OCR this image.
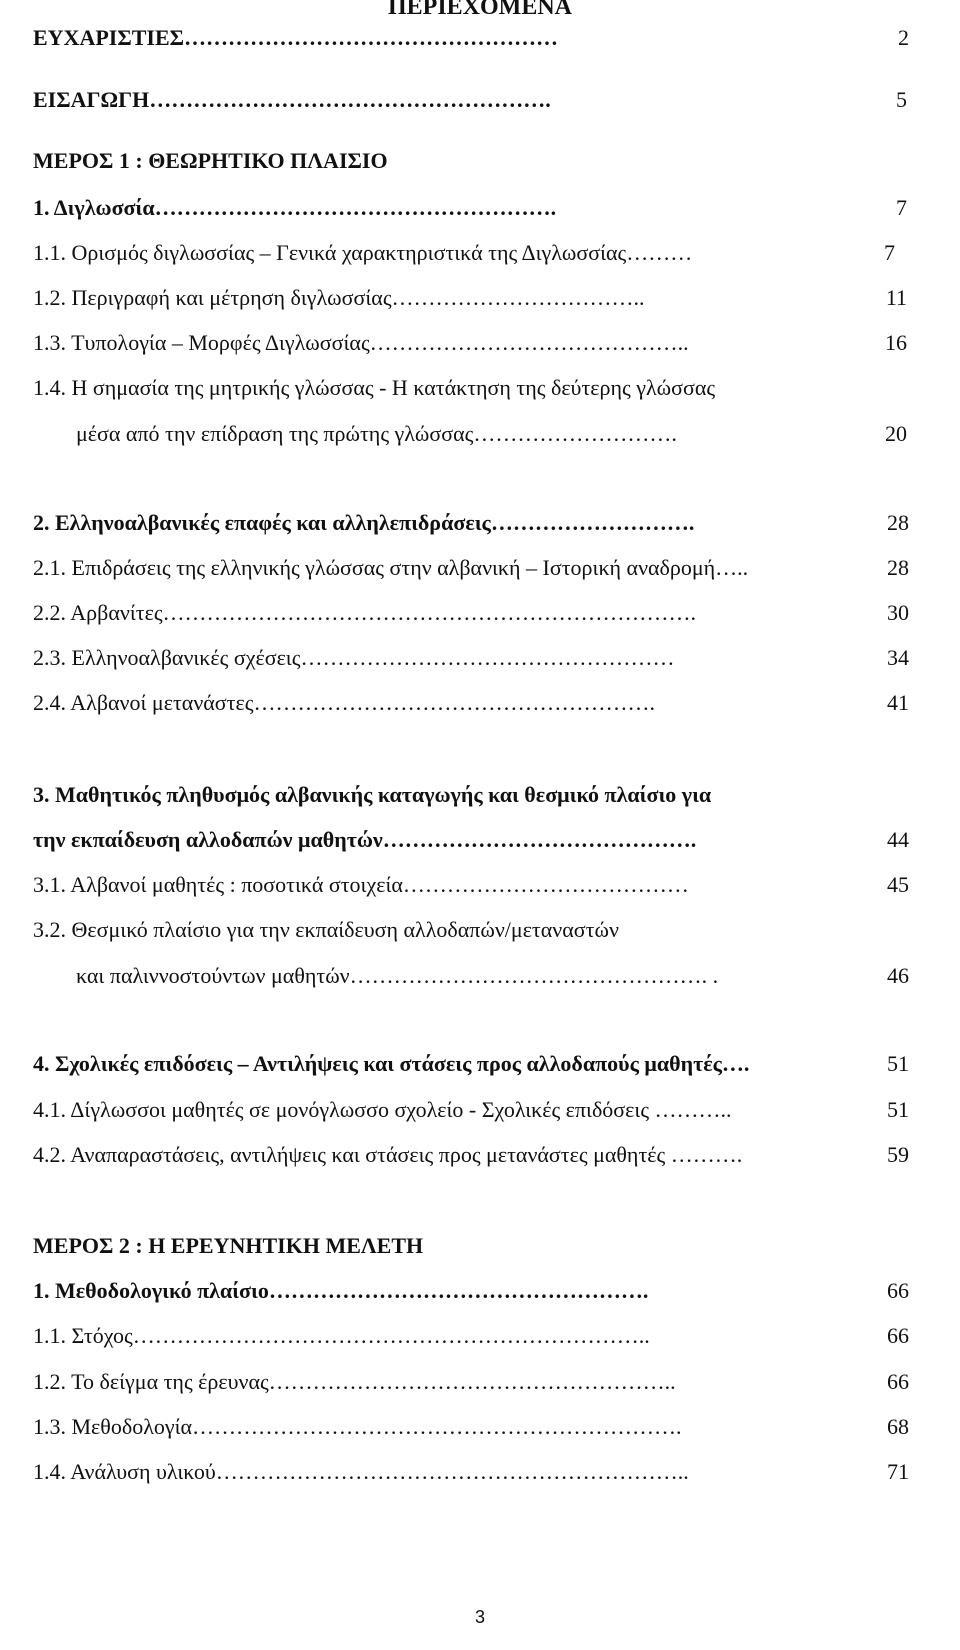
ΠΕΡΙΕΧΟΜΕΝΑ
ΕΥΧΑΡΙΣΤΙΕΣ……………………………………………	2
ΕΙΣΑΓΩΓΗ……………………………………………….	5
ΜΕΡΟΣ 1 : ΘΕΩΡΗΤΙΚΟ ΠΛΑΙΣΙΟ
1. Διγλωσσία……………………………………………….	7
1.1. Ορισμός διγλωσσίας – Γενικά χαρακτηριστικά της Διγλωσσίας………	7
1.2. Περιγραφή και μέτρηση διγλωσσίας……………………………..	11
1.3. Τυπολογία – Μορφές Διγλωσσίας……………………………………..	16
1.4. Η σημασία της μητρικής γλώσσας - Η κατάκτηση της δεύτερης γλώσσας
μέσα από την επίδραση της πρώτης γλώσσας……………………….	20
2. Ελληνοαλβανικές επαφές και αλληλεπιδράσεις……………………….	28
2.1. Επιδράσεις της ελληνικής γλώσσας στην αλβανική – Ιστορική αναδρομή…..	28
2.2. Αρβανίτες……………………………………………………………….	30
2.3. Ελληνοαλβανικές σχέσεις……………………………………………	34
2.4. Αλβανοί μετανάστες……………………………………………….	41
3. Μαθητικός πληθυσμός αλβανικής καταγωγής και θεσμικό πλαίσιο για
την εκπαίδευση αλλοδαπών μαθητών…………………………………….	44
3.1. Αλβανοί μαθητές : ποσοτικά στοιχεία…………………………………	45
3.2. Θεσμικό πλαίσιο για την εκπαίδευση αλλοδαπών/μεταναστών
και παλιννοστούντων μαθητών…………………………………………. .	46
4. Σχολικές επιδόσεις – Αντιλήψεις και στάσεις προς αλλοδαπούς μαθητές….	51
4.1. Δίγλωσσοι μαθητές σε μονόγλωσσο σχολείο - Σχολικές επιδόσεις ………..	51
4.2. Αναπαραστάσεις, αντιλήψεις και στάσεις προς μετανάστες μαθητές ……….	59
ΜΕΡΟΣ 2 : Η ΕΡΕΥΝΗΤΙΚΗ ΜΕΛΕΤΗ
1. Μεθοδολογικό πλαίσιο…………………………………………….	66
1.1. Στόχος……………………………………………………………..	66
1.2. Το δείγμα της έρευνας………………………………………………..	66
1.3. Μεθοδολογία………………………………………………………….	68
1.4. Ανάλυση υλικού………………………………………………………..	71
3
